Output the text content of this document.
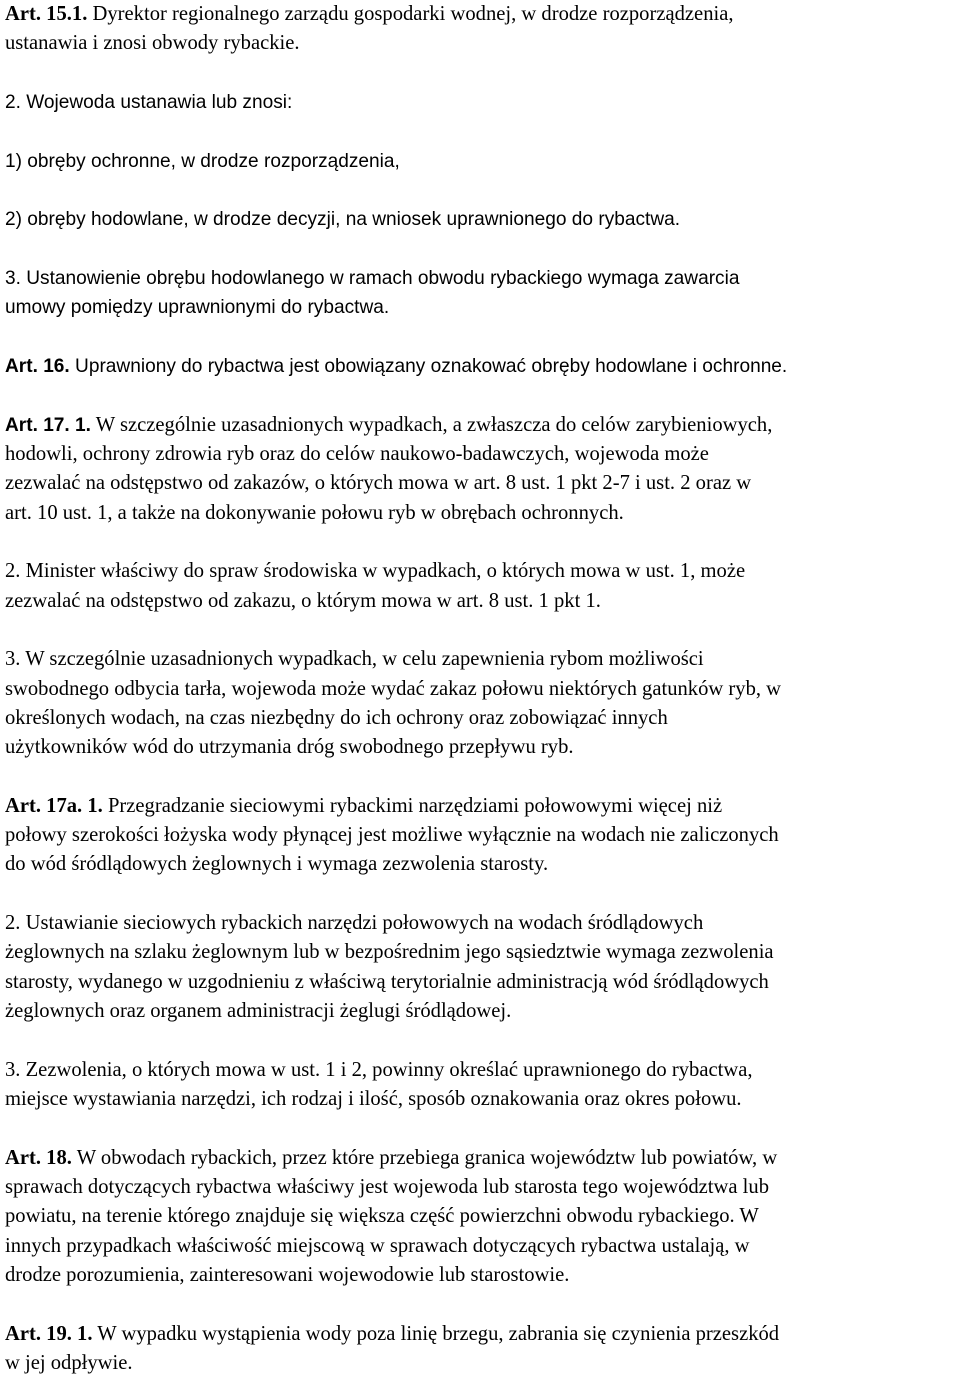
Art. 15.1. Dyrektor regionalnego zarządu gospodarki wodnej, w drodze rozporządzenia,
ustanawia i znosi obwody rybackie.

2. Wojewoda ustanawia lub znosi:

1) obręby ochronne, w drodze rozporządzenia,

2) obręby hodowlane, w drodze decyzji, na wniosek uprawnionego do rybactwa.

3. Ustanowienie obrębu hodowlanego w ramach obwodu rybackiego wymaga zawarcia
umowy pomiędzy uprawnionymi do rybactwa.

Art. 16. Uprawniony do rybactwa jest obowiązany oznakować obręby hodowlane i ochronne.

Art. 17. 1. W szczególnie uzasadnionych wypadkach, a zwłaszcza do celów zarybieniowych,
hodowli, ochrony zdrowia ryb oraz do celów naukowo-badawczych, wojewoda może
zezwalać na odstępstwo od zakazów, o których mowa w art. 8 ust. 1 pkt 2-7 i ust. 2 oraz w
art. 10 ust. 1, a także na dokonywanie połowu ryb w obrębach ochronnych.

2. Minister właściwy do spraw środowiska w wypadkach, o których mowa w ust. 1, może
zezwalać na odstępstwo od zakazu, o którym mowa w art. 8 ust. 1 pkt 1.

3. W szczególnie uzasadnionych wypadkach, w celu zapewnienia rybom możliwości
swobodnego odbycia tarła, wojewoda może wydać zakaz połowu niektórych gatunków ryb, w
określonych wodach, na czas niezbędny do ich ochrony oraz zobowiązać innych
użytkowników wód do utrzymania dróg swobodnego przepływu ryb.

Art. 17a. 1. Przegradzanie sieciowymi rybackimi narzędziami połowowymi więcej niż
połowy szerokości łożyska wody płynącej jest możliwe wyłącznie na wodach nie zaliczonych
do wód śródlądowych żeglownych i wymaga zezwolenia starosty.

2. Ustawianie sieciowych rybackich narzędzi połowowych na wodach śródlądowych
żeglownych na szlaku żeglownym lub w bezpośrednim jego sąsiedztwie wymaga zezwolenia
starosty, wydanego w uzgodnieniu z właściwą terytorialnie administracją wód śródlądowych
żeglownych oraz organem administracji żeglugi śródlądowej.

3. Zezwolenia, o których mowa w ust. 1 i 2, powinny określać uprawnionego do rybactwa,
miejsce wystawiania narzędzi, ich rodzaj i ilość, sposób oznakowania oraz okres połowu.

Art. 18. W obwodach rybackich, przez które przebiega granica województw lub powiatów, w
sprawach dotyczących rybactwa właściwy jest wojewoda lub starosta tego województwa lub
powiatu, na terenie którego znajduje się większa część powierzchni obwodu rybackiego. W
innych przypadkach właściwość miejscową w sprawach dotyczących rybactwa ustalają, w
drodze porozumienia, zainteresowani wojewodowie lub starostowie.

Art. 19. 1. W wypadku wystąpienia wody poza linię brzegu, zabrania się czynienia przeszkód
w jej odpływie.
